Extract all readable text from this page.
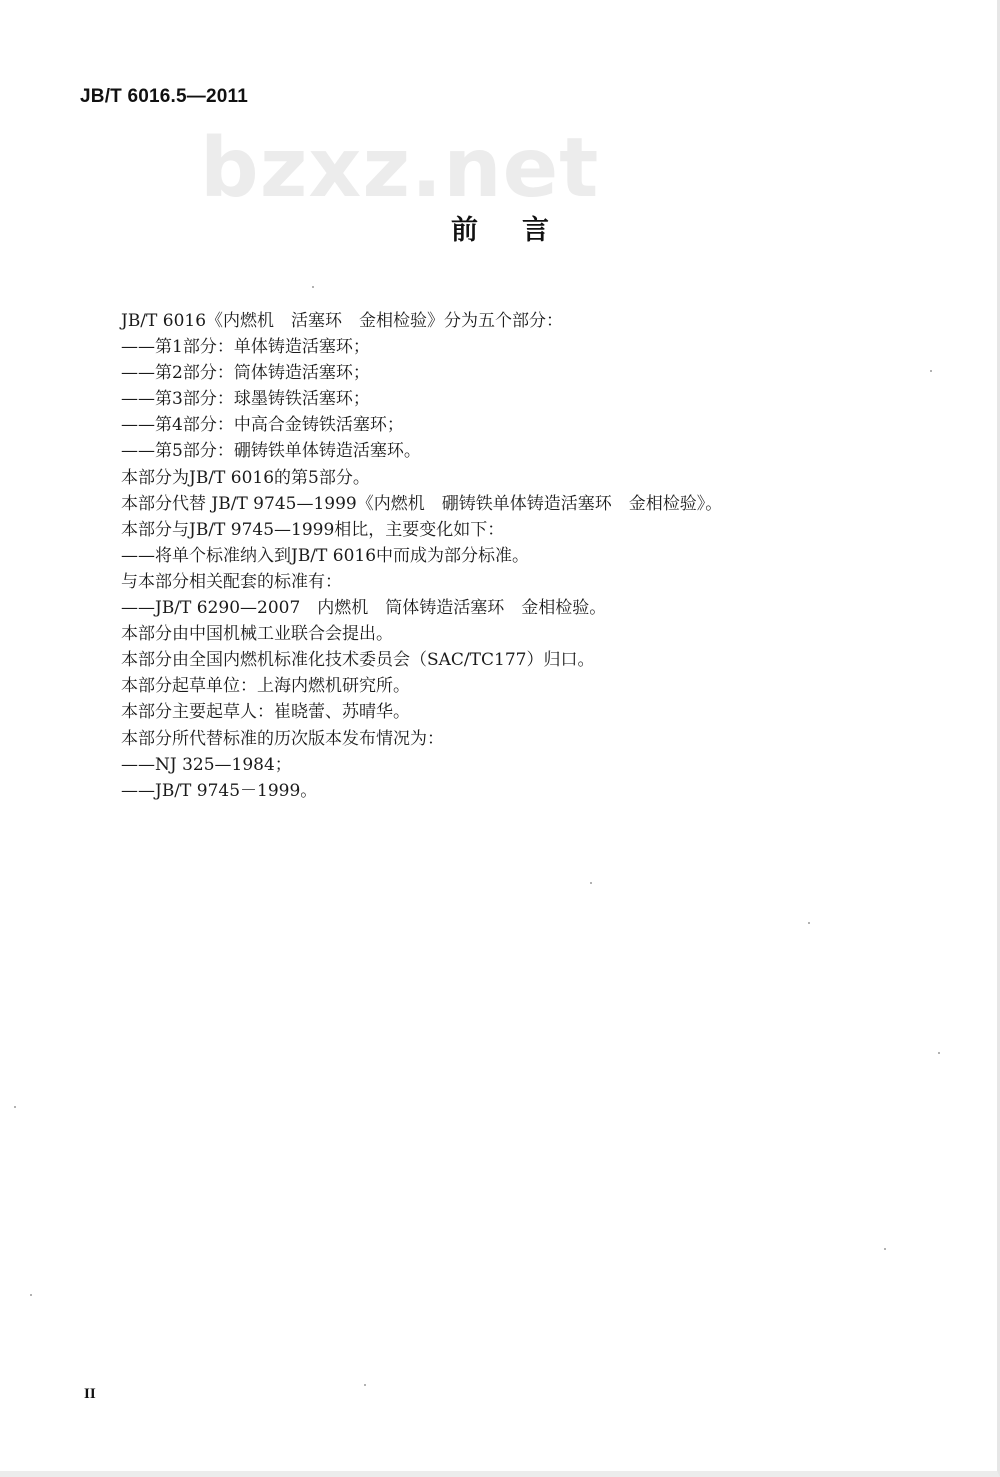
JB/T 6016.5—2011
bzxz.net
前言
JB/T 6016《内燃机　活塞环　金相检验》分为五个部分：
——第1部分：单体铸造活塞环；
——第2部分：筒体铸造活塞环；
——第3部分：球墨铸铁活塞环；
——第4部分：中高合金铸铁活塞环；
——第5部分：硼铸铁单体铸造活塞环。
本部分为JB/T 6016的第5部分。
本部分代替 JB/T 9745—1999《内燃机　硼铸铁单体铸造活塞环　金相检验》。
本部分与JB/T 9745—1999相比，主要变化如下：
——将单个标准纳入到JB/T 6016中而成为部分标准。
与本部分相关配套的标准有：
——JB/T 6290—2007　内燃机　筒体铸造活塞环　金相检验。
本部分由中国机械工业联合会提出。
本部分由全国内燃机标准化技术委员会（SAC/TC177）归口。
本部分起草单位：上海内燃机研究所。
本部分主要起草人：崔晓蕾、苏晴华。
本部分所代替标准的历次版本发布情况为：
——NJ 325—1984；
——JB/T 9745－1999。
II
